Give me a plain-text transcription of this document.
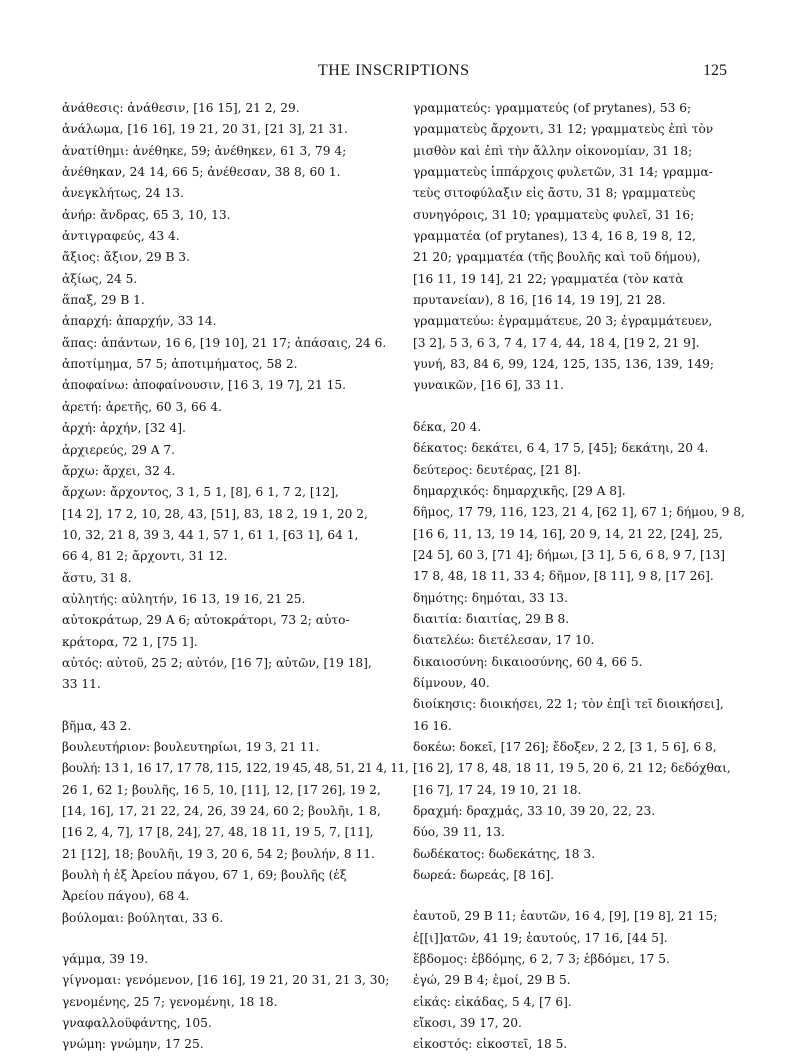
THE INSCRIPTIONS	125
ἀνάθεσις: ἀνάθεσιν, [16 15], 21 2, 29.
ἀνάλωμα, [16 16], 19 21, 20 31, [21 3], 21 31.
ἀνατίθημι: ἀνέθηκε, 59; ἀνέθηκεν, 61 3, 79 4;
ἀνέθηκαν, 24 14, 66 5; ἀνέθεσαν, 38 8, 60 1.
ἀνεγκλήτως, 24 13.
ἀνήρ: ἄνδρας, 65 3, 10, 13.
ἀντιγραφεύς, 43 4.
ἄξιος: ἄξιον, 29 B 3.
ἀξίως, 24 5.
ἅπαξ, 29 B 1.
ἀπαρχή: ἀπαρχήν, 33 14.
ἅπας: ἁπάντων, 16 6, [19 10], 21 17; ἁπάσαις, 24 6.
ἀποτίμημα, 57 5; ἀποτιμήματος, 58 2.
ἀποφαίνω: ἀποφαίνουσιν, [16 3, 19 7], 21 15.
ἀρετή: ἀρετῆς, 60 3, 66 4.
ἀρχή: ἀρχήν, [32 4].
ἀρχιερεύς, 29 A 7.
ἄρχω: ἄρχει, 32 4.
ἄρχων: ἄρχοντος, 3 1, 5 1, [8], 6 1, 7 2, [12],
[14 2], 17 2, 10, 28, 43, [51], 83, 18 2, 19 1, 20 2,
10, 32, 21 8, 39 3, 44 1, 57 1, 61 1, [63 1], 64 1,
66 4, 81 2; ἄρχοντι, 31 12.
ἄστυ, 31 8.
αὐλητής: αὐλητήν, 16 13, 19 16, 21 25.
αὐτοκράτωρ, 29 A 6; αὐτοκράτορι, 73 2; αὐτο-
κράτορα, 72 1, [75 1].
αὐτός: αὐτοῦ, 25 2; αὐτόν, [16 7]; αὐτῶν, [19 18],
33 11.
βῆμα, 43 2.
βουλευτήριον: βουλευτηρίωι, 19 3, 21 11.
βουλή: 13 1, 16 17, 17 78, 115, 122, 19 45, 48, 51, 21 4, 11,
26 1, 62 1; βουλῆς, 16 5, 10, [11], 12, [17 26], 19 2,
[14, 16], 17, 21 22, 24, 26, 39 24, 60 2; βουλῆι, 1 8,
[16 2, 4, 7], 17 [8, 24], 27, 48, 18 11, 19 5, 7, [11],
21 [12], 18; βουλῆι, 19 3, 20 6, 54 2; βουλήν, 8 11.
βουλὴ ἡ ἐξ Ἀρείου πάγου, 67 1, 69; βουλῆς (ἐξ
Ἀρείου πάγου), 68 4.
βούλομαι: βούληται, 33 6.
γάμμα, 39 19.
γίγνομαι: γενόμενον, [16 16], 19 21, 20 31, 21 3, 30;
γενομένης, 25 7; γενομένηι, 18 18.
γναφαλλοϋφάντης, 105.
γνώμη: γνώμην, 17 25.
γραμματεύς: γραμματεύς (of prytanes), 53 6;
γραμματεὺς ἄρχοντι, 31 12; γραμματεὺς ἐπὶ τὸν
μισθὸν καὶ ἐπὶ τὴν ἄλλην οἰκονομίαν, 31 18;
γραμματεὺς ἱππάρχοις φυλετῶν, 31 14; γραμμα-
τεὺς σιτοφύλαξιν εἰς ἄστυ, 31 8; γραμματεὺς
συνηγόροις, 31 10; γραμματεὺς φυλεῖ, 31 16;
γραμματέα (of prytanes), 13 4, 16 8, 19 8, 12,
21 20; γραμματέα (τῆς βουλῆς καὶ τοῦ δήμου),
[16 11, 19 14], 21 22; γραμματέα (τὸν κατὰ
πρυτανείαν), 8 16, [16 14, 19 19], 21 28.
γραμματεύω: ἐγραμμάτευε, 20 3; ἐγραμμάτευεν,
[3 2], 5 3, 6 3, 7 4, 17 4, 44, 18 4, [19 2, 21 9].
γυνή, 83, 84 6, 99, 124, 125, 135, 136, 139, 149;
γυναικῶν, [16 6], 33 11.
δέκα, 20 4.
δέκατος: δεκάτει, 6 4, 17 5, [45]; δεκάτηι, 20 4.
δεύτερος: δευτέρας, [21 8].
δημαρχικός: δημαρχικῆς, [29 A 8].
δῆμος, 17 79, 116, 123, 21 4, [62 1], 67 1; δήμου, 9 8,
[16 6, 11, 13, 19 14, 16], 20 9, 14, 21 22, [24], 25,
[24 5], 60 3, [71 4]; δήμωι, [3 1], 5 6, 6 8, 9 7, [13]
17 8, 48, 18 11, 33 4; δῆμον, [8 11], 9 8, [17 26].
δημότης: δημόται, 33 13.
διαιτία: διαιτίας, 29 B 8.
διατελέω: διετέλεσαν, 17 10.
δικαιοσύνη: δικαιοσύνης, 60 4, 66 5.
δίμνουν, 40.
διοίκησις: διοικήσει, 22 1; τὸν ἐπ[ὶ τεῖ διοικήσει],
16 16.
δοκέω: δοκεῖ, [17 26]; ἔδοξεν, 2 2, [3 1, 5 6], 6 8,
[16 2], 17 8, 48, 18 11, 19 5, 20 6, 21 12; δεδόχθαι,
[16 7], 17 24, 19 10, 21 18.
δραχμή: δραχμάς, 33 10, 39 20, 22, 23.
δύο, 39 11, 13.
δωδέκατος: δωδεκάτης, 18 3.
δωρεά: δωρεάς, [8 16].
ἑαυτοῦ, 29 B 11; ἑαυτῶν, 16 4, [9], [19 8], 21 15;
ἑ[[ι]]ατῶν, 41 19; ἑαυτούς, 17 16, [44 5].
ἕβδομος: ἑβδόμης, 6 2, 7 3; ἑβδόμει, 17 5.
ἐγώ, 29 B 4; ἐμοί, 29 B 5.
εἰκάς: εἰκάδας, 5 4, [7 6].
εἴκοσι, 39 17, 20.
εἰκοστός: εἰκοστεῖ, 18 5.
